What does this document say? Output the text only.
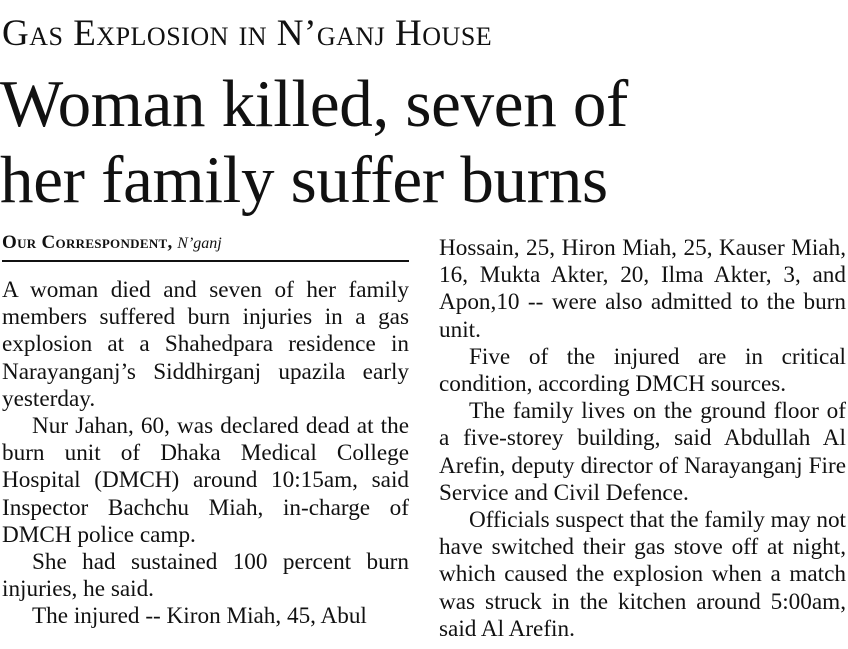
Gas Explosion in N’ganj House
Woman killed, seven of
her family suffer burns
Our Correspondent, N’ganj

A woman died and seven of her family members suffered burn injuries in a gas explosion at a Shahedpara residence in Narayanganj’s Siddhirganj upazila early yesterday.

Nur Jahan, 60, was declared dead at the burn unit of Dhaka Medical College Hospital (DMCH) around 10:15am, said Inspector Bachchu Miah, in-charge of DMCH police camp.

She had sustained 100 percent burn injuries, he said.

The injured -- Kiron Miah, 45, Abul

Hossain, 25, Hiron Miah, 25, Kauser Miah, 16, Mukta Akter, 20, Ilma Akter, 3, and Apon,10 -- were also admitted to the burn unit.

Five of the injured are in critical condition, according DMCH sources.

The family lives on the ground floor of a five-storey building, said Abdullah Al Arefin, deputy director of Narayanganj Fire Service and Civil Defence.

Officials suspect that the family may not have switched their gas stove off at night, which caused the explosion when a match was struck in the kitchen around 5:00am, said Al Arefin.
